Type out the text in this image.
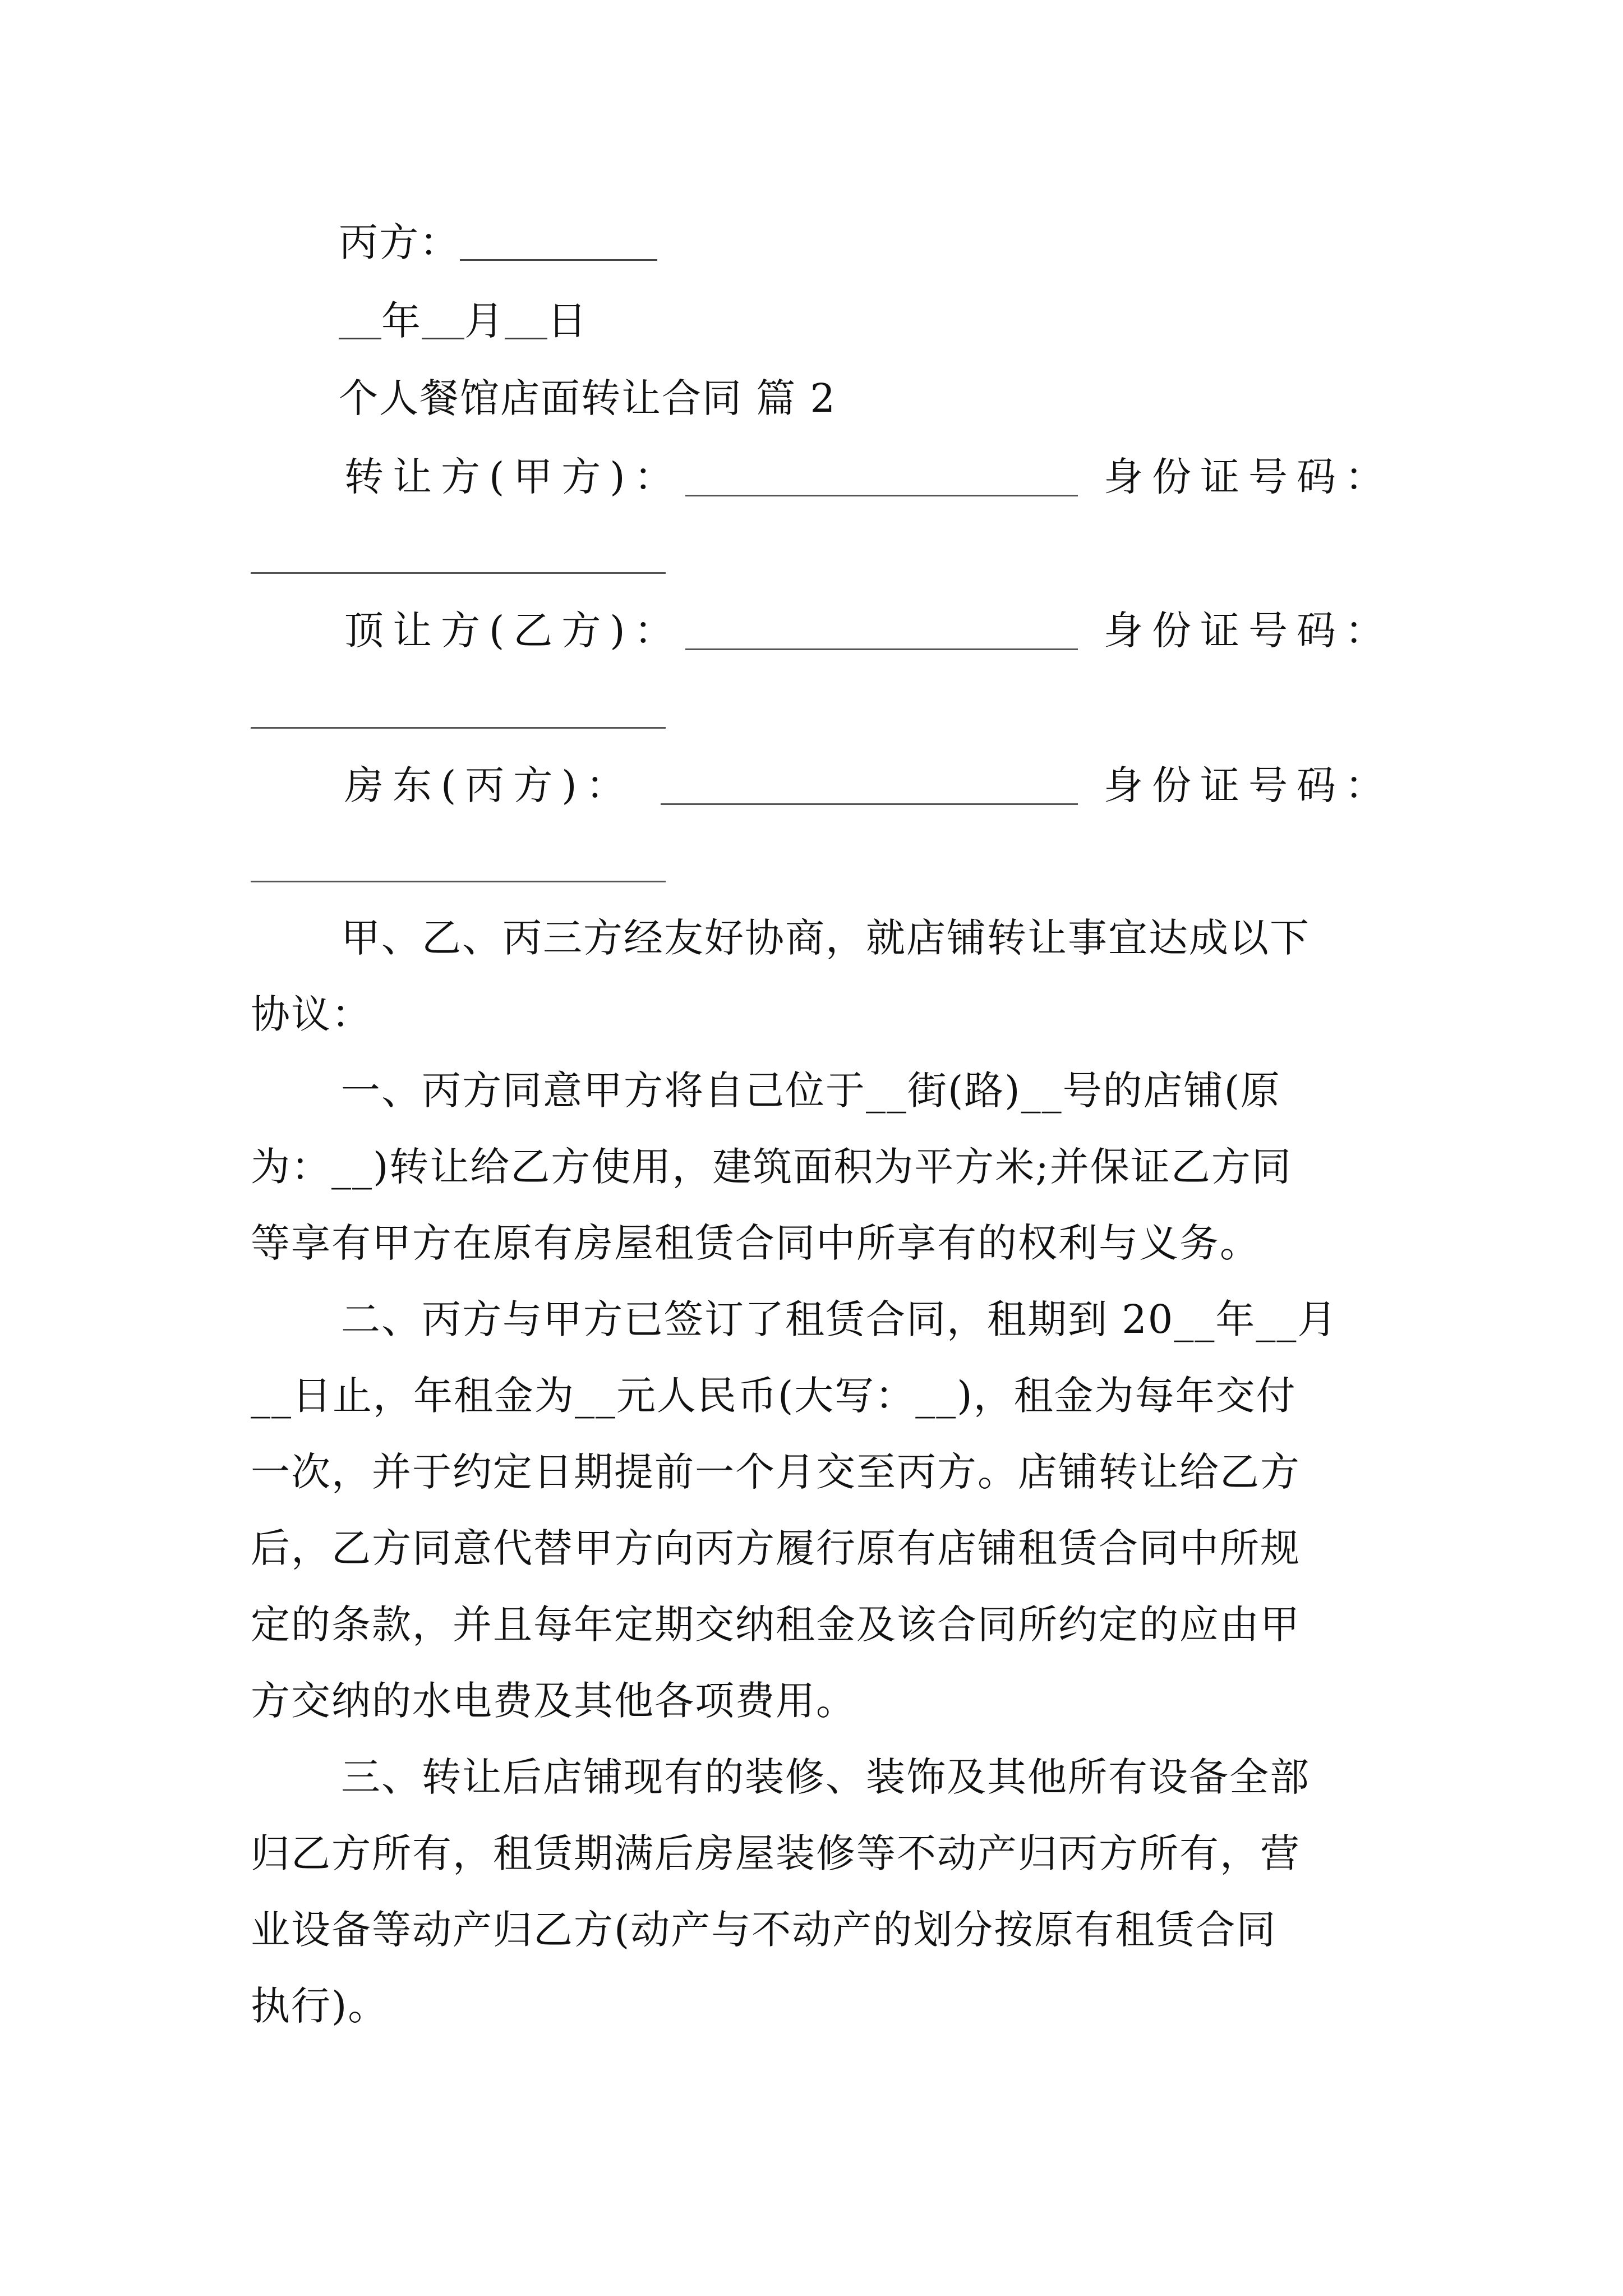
丙方：
年 月 日
个人餐馆店面转让合同 篇 2
转让方(甲方)：	身份证号码：
顶让方(乙方)：	身份证号码：
房东(丙方)：	身份证号码：
甲、乙、丙三方经友好协商，就店铺转让事宜达成以下
协议：
一、丙方同意甲方将自己位于__街(路)__号的店铺(原
为：__)转让给乙方使用，建筑面积为平方米;并保证乙方同
等享有甲方在原有房屋租赁合同中所享有的权利与义务。
二、丙方与甲方已签订了租赁合同，租期到 20__年__月
__日止，年租金为__元人民币(大写：__)，租金为每年交付
一次，并于约定日期提前一个月交至丙方。店铺转让给乙方
后，乙方同意代替甲方向丙方履行原有店铺租赁合同中所规
定的条款，并且每年定期交纳租金及该合同所约定的应由甲
方交纳的水电费及其他各项费用。
三、转让后店铺现有的装修、装饰及其他所有设备全部
归乙方所有，租赁期满后房屋装修等不动产归丙方所有，营
业设备等动产归乙方(动产与不动产的划分按原有租赁合同
执行)。
